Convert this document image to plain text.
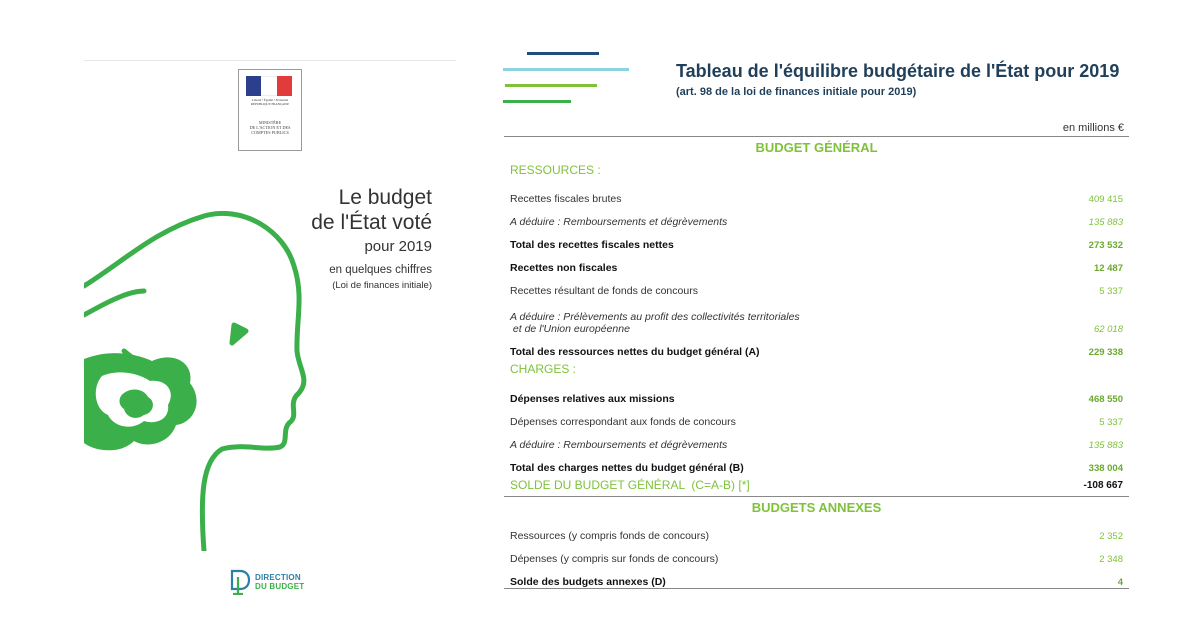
Liberté • Égalité • Fraternité
RÉPUBLIQUE FRANÇAISE
MINISTÈRE
DE L'ACTION ET DES
COMPTES PUBLICS
Le budget
de l'État voté
pour 2019
en quelques chiffres
(Loi de finances initiale)
DIRECTION
DU BUDGET
Tableau de l'équilibre budgétaire de l'État pour 2019
(art. 98 de la loi de finances initiale pour 2019)
en millions €
BUDGET GÉNÉRAL
RESSOURCES :
Recettes fiscales brutes	409 415
A déduire : Remboursements et dégrèvements	135 883
Total des recettes fiscales nettes	273 532
Recettes non fiscales	12 487
Recettes résultant de fonds de concours	5 337
A déduire : Prélèvements au profit des collectivités territoriales
et de l'Union européenne	62 018
Total des ressources nettes du budget général (A)	229 338
CHARGES :
Dépenses relatives aux missions	468 550
Dépenses correspondant aux fonds de concours	5 337
A déduire : Remboursements et dégrèvements	135 883
Total des charges nettes du budget général (B)	338 004
SOLDE DU BUDGET GÉNÉRAL  (C=A-B) [*]	-108 667
BUDGETS ANNEXES
Ressources (y compris fonds de concours)	2 352
Dépenses (y compris sur fonds de concours)	2 348
Solde des budgets annexes (D)	4
